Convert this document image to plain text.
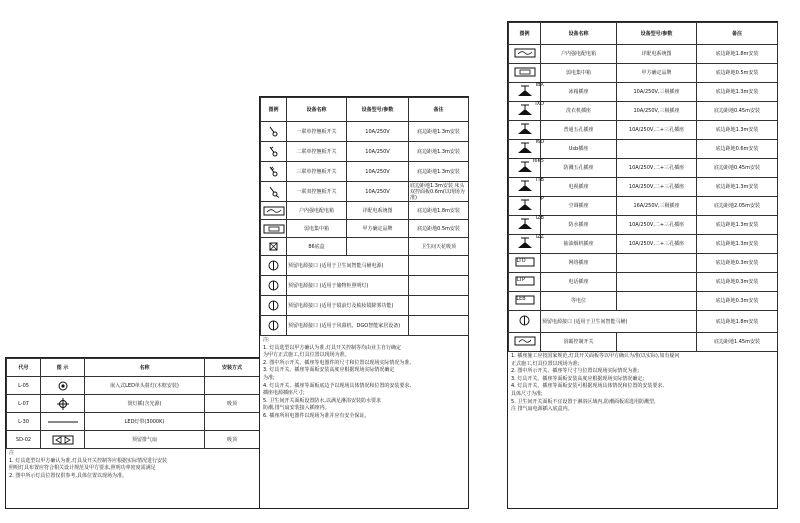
代号	图 示	名称	安装方式
L-05		嵌入式LED单头射灯(木框安装)	
L-07		筒灯插(含光源)	吸顶
L-30		LED灯带(3000K)	
SD-02		预留排气扇	吸顶
注
1. 灯具选型以甲方确认为准,灯具及开关控制等应根据实际情况进行安装
照明灯具布置应符合相关设计规范及甲方要求,照明功率密度需满足
2. 图中所示灯具位置仅供参考,具体位置以现场为准。
图例	设备名称	设备型号/参数	备注

	一联单控翘板开关	10A/250V	底边距地1.3m安装

	二联单控翘板开关	10A/250V	底边距地1.3m安装

	三联单控翘板开关	10A/250V	底边距地1.3m安装

	一联双控翘板开关	10A/250V	底边距地1.3m安装 床头双控面板0.6m(以现场为准)

	户内强电配电箱	详配电系统图	底边距地1.8m安装

	弱电集中箱	甲方确定品牌	底边距地0.5m安装

	86底盒		卫生间天花吸顶

	预留电源接口 (适用于卫生间智能马桶电源)		

	预留电源接口 (适用于储物柜照明灯)		

	预留电源接口 (适用于镜前灯及梳妆镜除雾功能)		

	预留电源接口 (适用于风幕机、DGO智能家居设备)		
注:
1. 灯具选型以甲方确认为准,灯具开关控制等均由业主自行确定
为甲方正式施工,灯具位置以现场为准。
2. 图中所示开关、插座等电器件的尺寸和位置以现场实际情况为准,
3. 灯具开关、插座等面板安装高度应根据现场实际情况确定
为准;
4. 灯具开关、插座等面板底边予以现场具体情况和位置的安装要求,
插座电源插座尺寸;
5. 卫生间开关面板设置防水,以满足淋浴安装防水要求
防潮,排气扇安装接入插座内。
6. 插座所用电器件以现场为准并应有安全保证。
图例	设备名称	设备型号/参数	备注

	户内强电配电箱	详配电系统图	底边距地1.8m安装

	弱电集中箱	甲方确定品牌	底边距地0.5m安装

IBX	冰箱插座	10A/250V,三极插座	底边距地1.3m安装

IXD	洗衣机插座	10A/250V,三极插座	底边距地0.45m安装

	普通五孔插座	10A/250V,二+三孔插座	底边距地1.3m安装

I6U	Usb插座		底边距地0.6m安装

I6K5	防溅五孔插座	10A/250V,二+三孔插座	底边距地0.45m安装

ITB	电视插座	10A/250V,二+三孔插座	底边距地1.3m安装

IP	空调插座	16A/250V,三极插座	底边距地2.05m安装

IZB	防水插座	10A/250V,二+三孔插座	底边距地1.3m安装

IZZ	抽油烟机插座	10A/250V,二+三孔插座	底边距地1.3m安装

LTO	网络插座		底边距地0.3m安装

LTP	电话插座		底边距地0.3m安装

LEB	等电位		底边距地0.3m安装

	预留电源接口 (适用于卫生间智能马桶)		底边距地1.8m安装

	浴霸控制开关		底边距地1.45m安装
1. 插座施工应按国家规范,灯具开关面板等以甲方确认为准(以实际),如有疑问
正式施工,灯具位置以现场为准;
2. 图中所示开关、插座等尺寸与位置以现场实际情况为准;
3. 灯具开关、插座等面板安装高度应根据现场实际情况确定;
4. 灯具开关、插座等面板安装可根据现场具体情况和位置的安装要求,
具体尺寸为准;
5. 卫生间开关面板不宜设置于淋浴区域内,防潮面板需选用防溅型,
注 排气扇电源插入底盒内。
